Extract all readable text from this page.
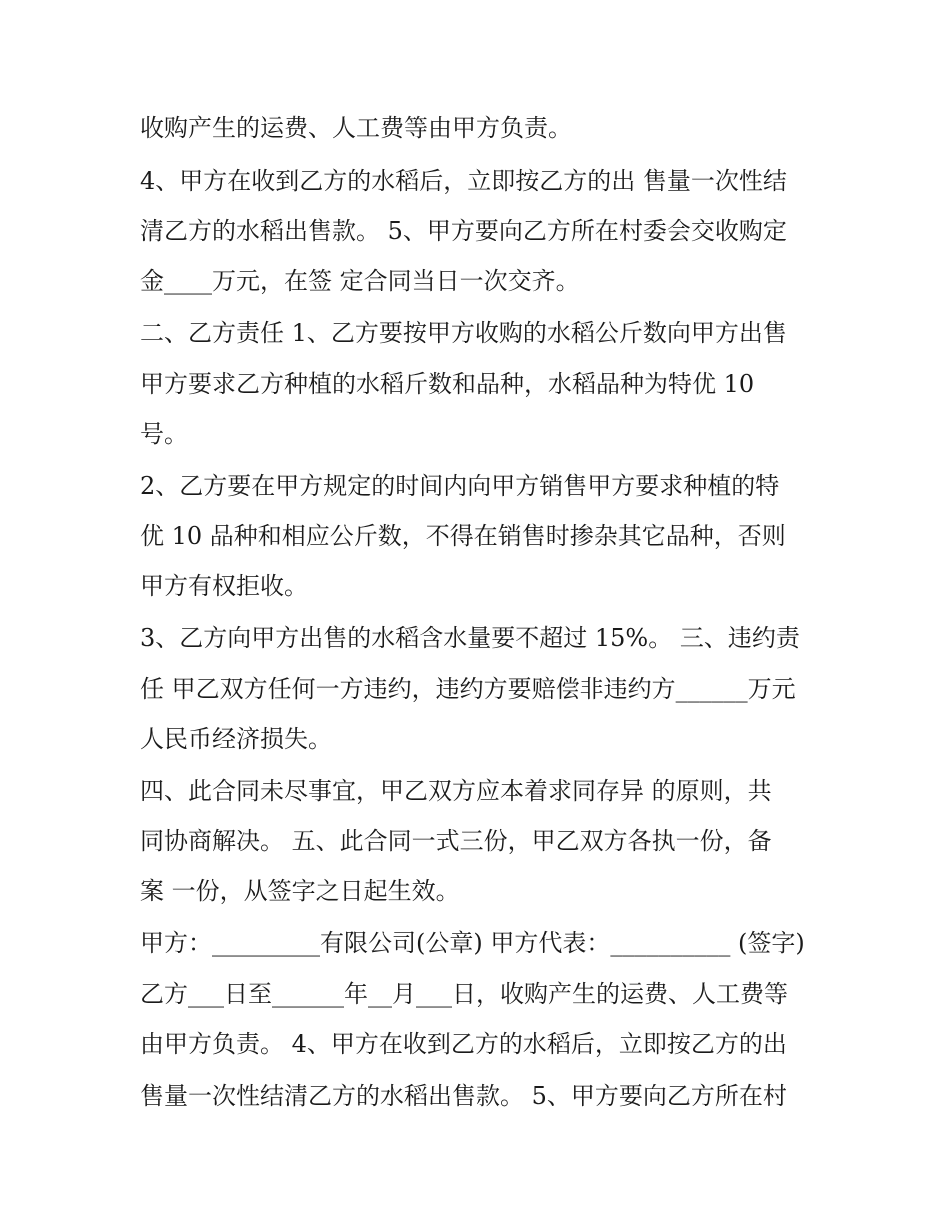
收购产生的运费、人工费等由甲方负责。
4、甲方在收到乙方的水稻后，立即按乙方的出 售量一次性结
清乙方的水稻出售款。 5、甲方要向乙方所在村委会交收购定
金____万元，在签 定合同当日一次交齐。
二、乙方责任 1、乙方要按甲方收购的水稻公斤数向甲方出售
甲方要求乙方种植的水稻斤数和品种，水稻品种为特优 10
号。
2、乙方要在甲方规定的时间内向甲方销售甲方要求种植的特
优 10 品种和相应公斤数，不得在销售时掺杂其它品种，否则
甲方有权拒收。
3、乙方向甲方出售的水稻含水量要不超过 15%。 三、违约责
任 甲乙双方任何一方违约，违约方要赔偿非违约方______万元
人民币经济损失。
四、此合同未尽事宜，甲乙双方应本着求同存异 的原则，共
同协商解决。 五、此合同一式三份，甲乙双方各执一份，备
案 一份，从签字之日起生效。
甲方：_________有限公司(公章) 甲方代表：__________ (签字)
乙方___日至______年__月___日，收购产生的运费、人工费等
由甲方负责。 4、甲方在收到乙方的水稻后，立即按乙方的出
售量一次性结清乙方的水稻出售款。 5、甲方要向乙方所在村
